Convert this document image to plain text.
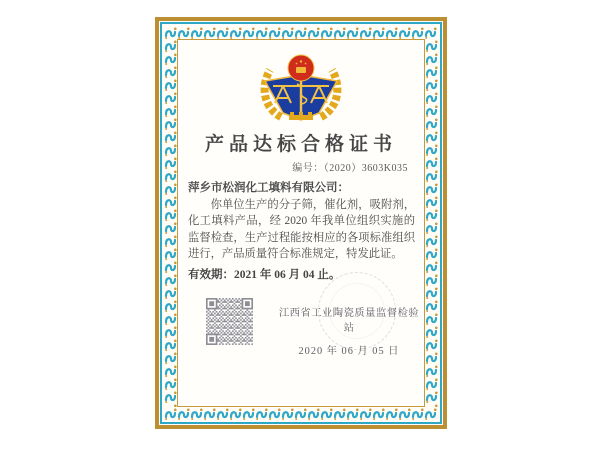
产品达标合格证书
编号：（2020）3603K035
萍乡市松润化工填料有限公司：
你单位生产的分子筛，催化剂，吸附剂，化工填料产品，经 2020 年我单位组织实施的监督检查，生产过程能按相应的各项标准组织进行，产品质量符合标准规定，特发此证。
有效期：2021 年 06 月 04 止。
江西省工业陶瓷质量监督检验站
2020 年 06 月 05 日
